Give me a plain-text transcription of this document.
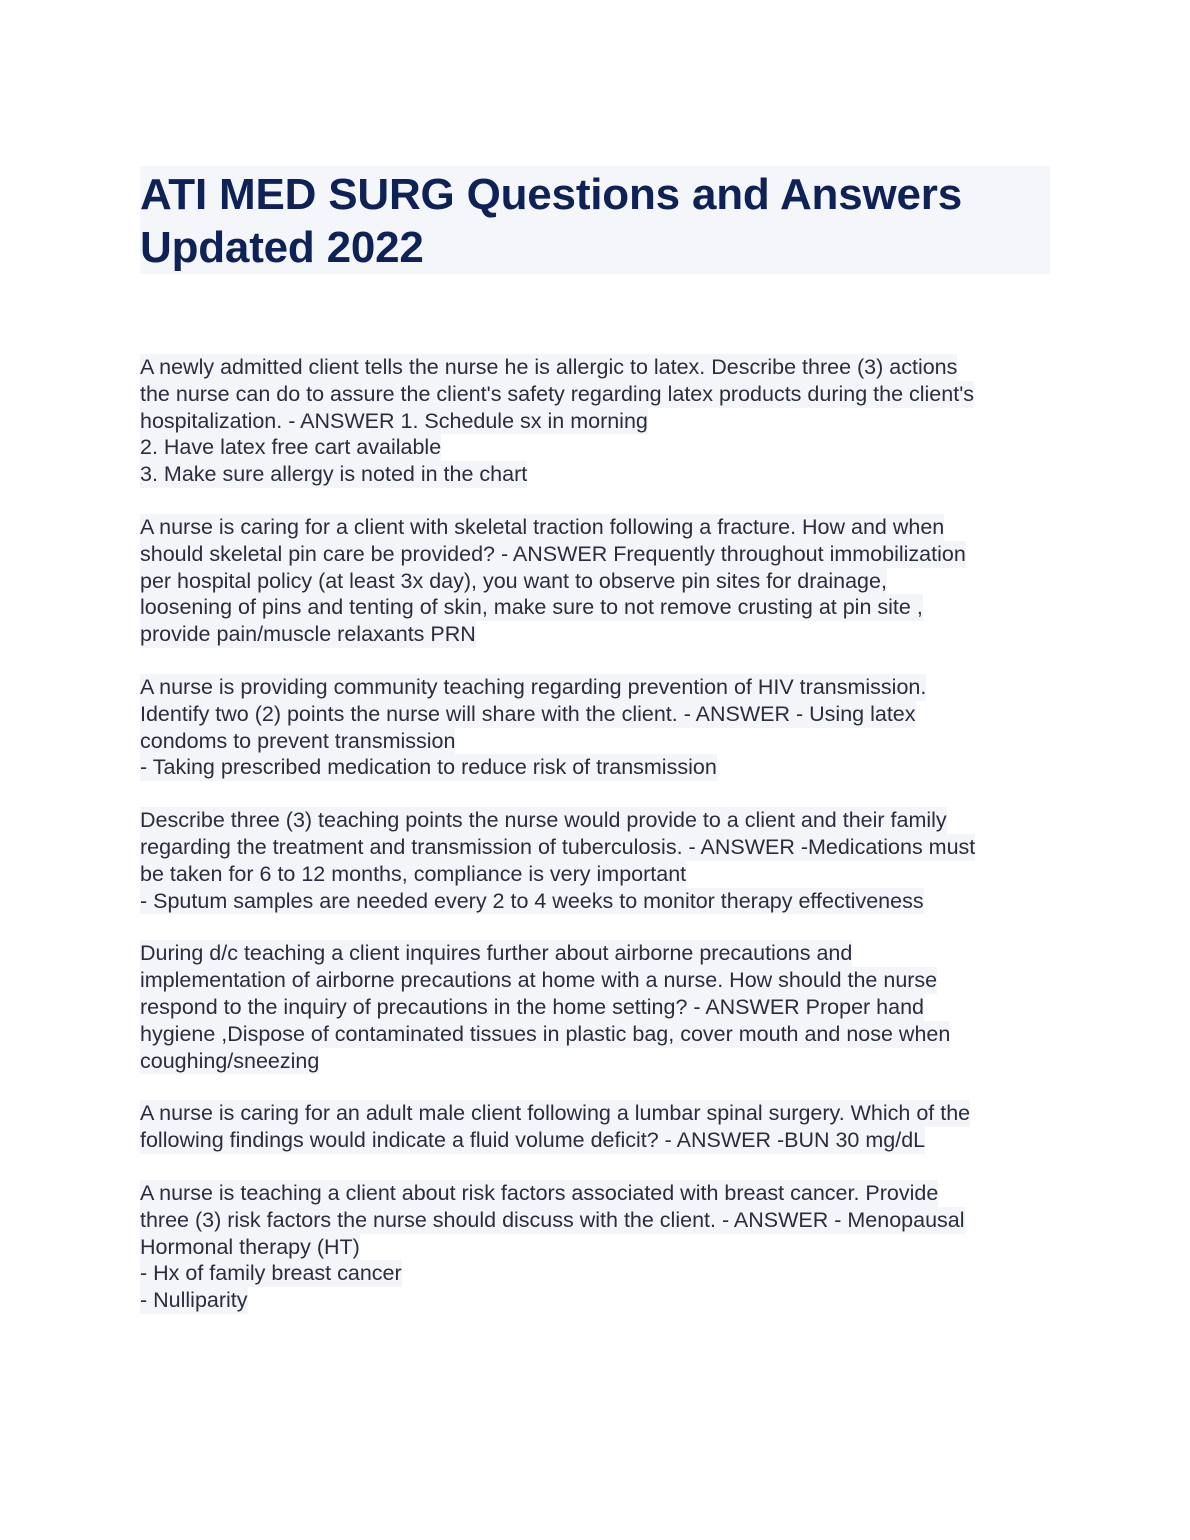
ATI MED SURG Questions and Answers
Updated 2022
A newly admitted client tells the nurse he is allergic to latex. Describe three (3) actions
the nurse can do to assure the client's safety regarding latex products during the client's
hospitalization. - ANSWER 1. Schedule sx in morning
2. Have latex free cart available
3. Make sure allergy is noted in the chart
A nurse is caring for a client with skeletal traction following a fracture. How and when
should skeletal pin care be provided? - ANSWER Frequently throughout immobilization
per hospital policy (at least 3x day), you want to observe pin sites for drainage,
loosening of pins and tenting of skin, make sure to not remove crusting at pin site ,
provide pain/muscle relaxants PRN
A nurse is providing community teaching regarding prevention of HIV transmission.
Identify two (2) points the nurse will share with the client. - ANSWER - Using latex
condoms to prevent transmission
- Taking prescribed medication to reduce risk of transmission
Describe three (3) teaching points the nurse would provide to a client and their family
regarding the treatment and transmission of tuberculosis. - ANSWER -Medications must
be taken for 6 to 12 months, compliance is very important
- Sputum samples are needed every 2 to 4 weeks to monitor therapy effectiveness
During d/c teaching a client inquires further about airborne precautions and
implementation of airborne precautions at home with a nurse. How should the nurse
respond to the inquiry of precautions in the home setting? - ANSWER Proper hand
hygiene ,Dispose of contaminated tissues in plastic bag, cover mouth and nose when
coughing/sneezing
A nurse is caring for an adult male client following a lumbar spinal surgery. Which of the
following findings would indicate a fluid volume deficit? - ANSWER -BUN 30 mg/dL
A nurse is teaching a client about risk factors associated with breast cancer. Provide
three (3) risk factors the nurse should discuss with the client. - ANSWER - Menopausal
Hormonal therapy (HT)
- Hx of family breast cancer
- Nulliparity
